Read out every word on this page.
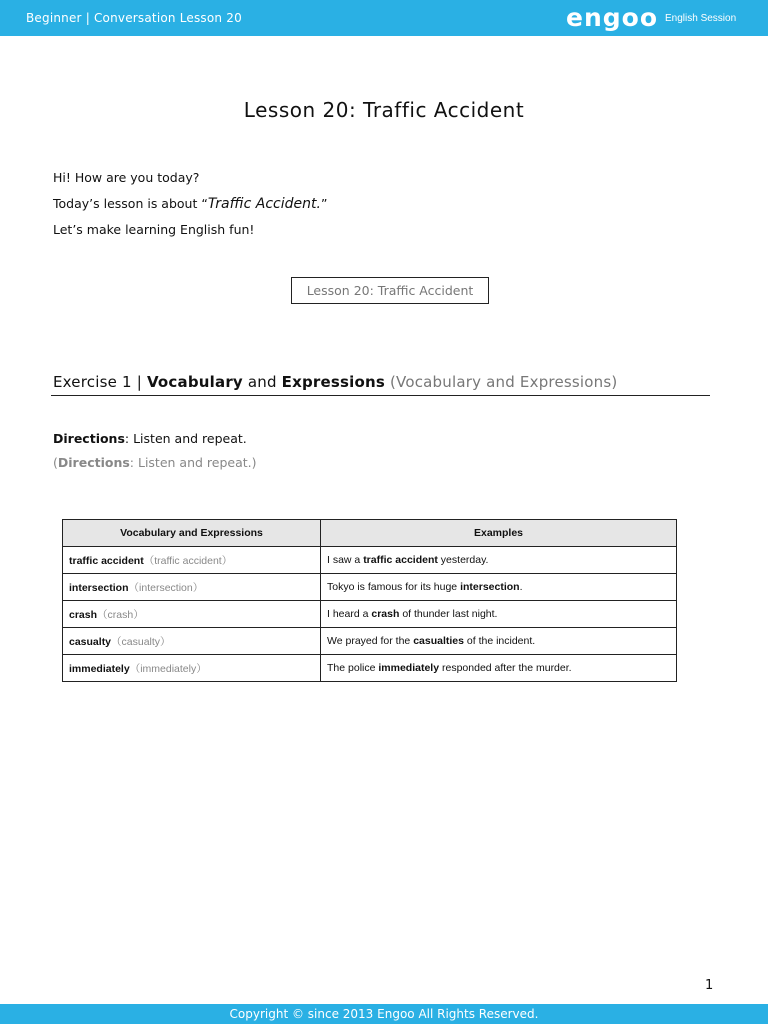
Beginner | Conversation Lesson 20	engoo English Session
Lesson 20: Traffic Accident
Hi! How are you today?
Today’s lesson is about “Traffic Accident.”
Let’s make learning English fun!
Lesson 20: Traffic Accident
Exercise 1 | Vocabulary and Expressions (Vocabulary and Expressions)
Directions: Listen and repeat.
(Directions: Listen and repeat.)
Vocabulary and Expressions	Examples
traffic accident（traffic accident）	I saw a traffic accident yesterday.
intersection（intersection）	Tokyo is famous for its huge intersection.
crash（crash）	I heard a crash of thunder last night.
casualty（casualty）	We prayed for the casualties of the incident.
immediately（immediately）	The police immediately responded after the murder.
1
Copyright © since 2013 Engoo All Rights Reserved.
